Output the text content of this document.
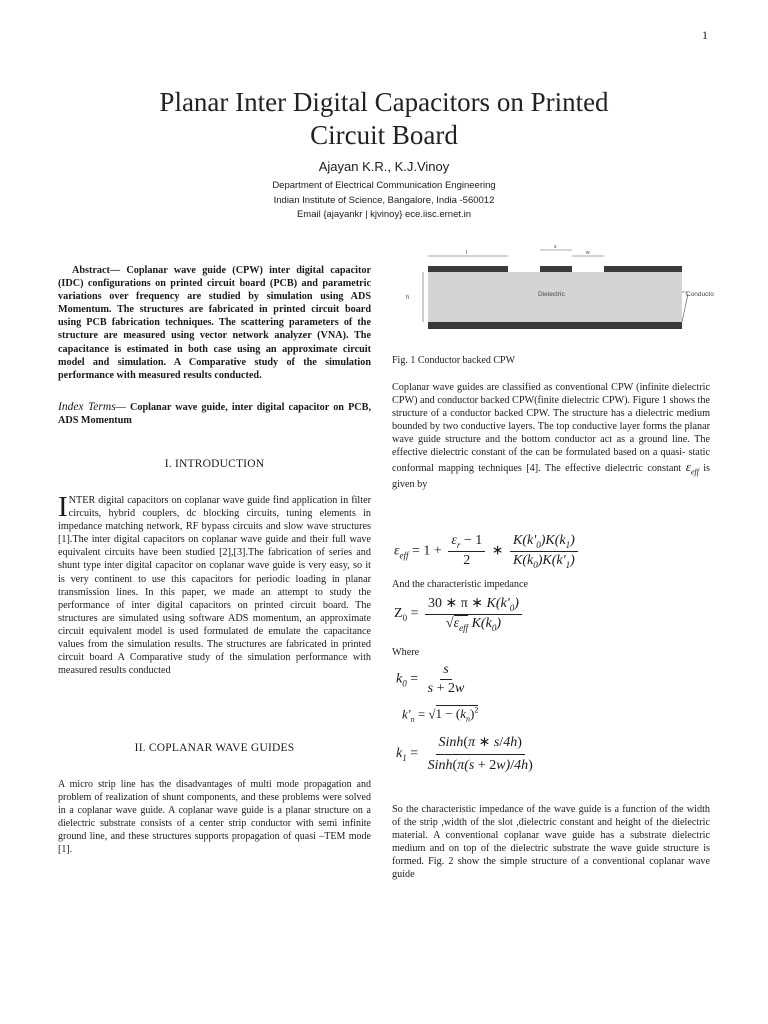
1
Planar Inter Digital Capacitors on Printed
Circuit Board
Ajayan K.R., K.J.Vinoy
Department of Electrical Communication Engineering
Indian Institute of Science, Bangalore, India -560012
Email {ajayankr | kjvinoy} ece.iisc.ernet.in
Abstract— Coplanar wave guide (CPW) inter digital capacitor (IDC) configurations on printed circuit board (PCB) and parametric variations over frequency are studied by simulation using ADS Momentum. The structures are fabricated in printed circuit board using PCB fabrication techniques. The scattering parameters of the structure are measured using vector network analyzer (VNA). The capacitance is estimated in both case using an approximate circuit model and simulation. A Comparative study of the simulation performance with measured results conducted.
Index Terms— Coplanar wave guide, inter digital capacitor on PCB, ADS Momentum
I. INTRODUCTION
INTER digital capacitors on coplanar wave guide find application in filter circuits, hybrid couplers, dc blocking circuits, tuning elements in impedance matching network, RF bypass circuits and slow wave structures [1].The inter digital capacitors on coplanar wave guide and their full wave equivalent circuits have been studied [2],[3].The fabrication of series and shunt type inter digital capacitor on coplanar wave guide is very easy, so it is very continent to use this capacitors for periodic loading in planar transmission lines. In this paper, we made an attempt to study the performance of inter digital capacitors on printed circuit board. The structures are simulated using software ADS momentum, an approximate circuit equivalent model is used formulated de emulate the capacitance values from the simulation results. The structures are fabricated in printed circuit board A Comparative study of the simulation performance with measured results conducted
II. COPLANAR WAVE GUIDES
A micro strip line has the disadvantages of multi mode propagation and problem of realization of shunt components, and these problems were solved in a coplanar wave guide. A coplanar wave guide is a planar structure on a dielectric substrate consists of a center strip conductor with semi infinite ground line, and these structures supports propagation of quasi –TEM mode [1].
l
s
w
h	Dielectric	Conducto
Fig. 1 Conductor backed CPW
Coplanar wave guides are classified as conventional CPW (infinite dielectric CPW) and conductor backed CPW(finite dielectric CPW). Figure 1 shows the structure of a conductor backed CPW. The structure has a dielectric medium bounded by two conductive layers. The top conductive layer forms the planar wave guide structure and the bottom conductor act as a ground line. The effective dielectric constant of the can be formulated based on a quasi- static conformal mapping techniques [4]. The effective dielectric constant $\varepsilon_{eff}$ is given by
$\varepsilon_{eff} = 1 + \frac{\varepsilon_r - 1}{2}$ ∗ $\frac{K(k'_0)K(k_1)}{K(k_0)K(k'_1)}$
And the characteristic impedance
$Z_0 = \frac{30 ∗ \pi ∗ K(k'_0)}{√\varepsilon_{eff} K(k_0)}$
Where
$k_0 = \frac{s}{s + 2w}$
$k'_n = √1 - (k_n)^2$
$k_1 = \frac{\text{Sinh(π ∗ s/4h)}}{\text{Sinh(π(s + 2w)/4h)}}$
So the characteristic impedance of the wave guide is a function of the width of the strip ,width of the slot ,dielectric constant and height of the dielectric material. A conventional coplanar wave guide has a substrate dielectric medium and on top of the dielectric substrate the wave guide structure is formed. Fig. 2 show the simple structure of a conventional coplanar wave guide
